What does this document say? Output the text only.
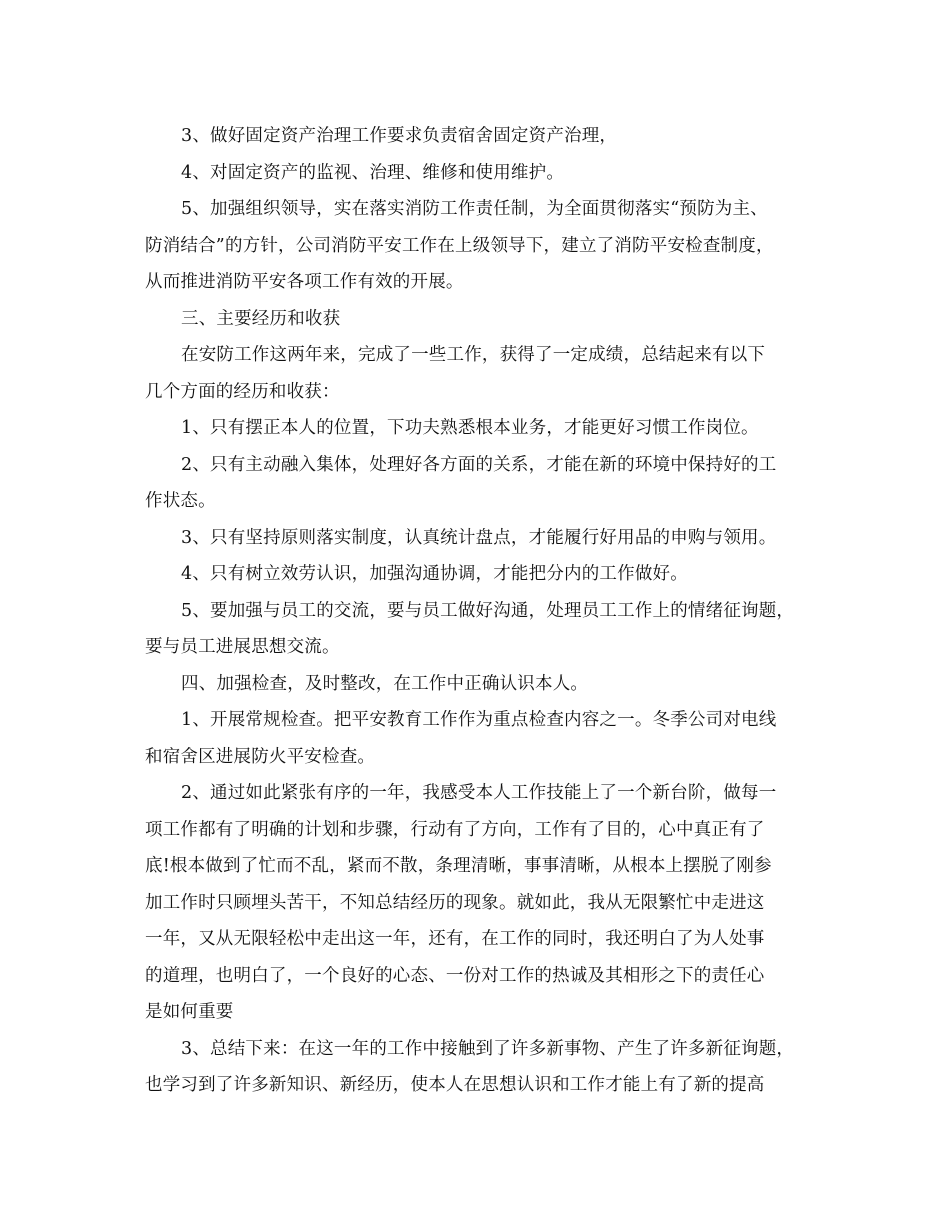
3、做好固定资产治理工作要求负责宿舍固定资产治理，
4、对固定资产的监视、治理、维修和使用维护。
5、加强组织领导，实在落实消防工作责任制，为全面贯彻落实“预防为主、
防消结合”的方针，公司消防平安工作在上级领导下，建立了消防平安检查制度，
从而推进消防平安各项工作有效的开展。
三、主要经历和收获
在安防工作这两年来，完成了一些工作，获得了一定成绩，总结起来有以下
几个方面的经历和收获：
1、只有摆正本人的位置，下功夫熟悉根本业务，才能更好习惯工作岗位。
2、只有主动融入集体，处理好各方面的关系，才能在新的环境中保持好的工
作状态。
3、只有坚持原则落实制度，认真统计盘点，才能履行好用品的申购与领用。
4、只有树立效劳认识，加强沟通协调，才能把分内的工作做好。
5、要加强与员工的交流，要与员工做好沟通，处理员工工作上的情绪征询题，
要与员工进展思想交流。
四、加强检查，及时整改，在工作中正确认识本人。
1、开展常规检查。把平安教育工作作为重点检查内容之一。冬季公司对电线
和宿舍区进展防火平安检查。
2、通过如此紧张有序的一年，我感受本人工作技能上了一个新台阶，做每一
项工作都有了明确的计划和步骤，行动有了方向，工作有了目的，心中真正有了
底!根本做到了忙而不乱，紧而不散，条理清晰，事事清晰，从根本上摆脱了刚参
加工作时只顾埋头苦干，不知总结经历的现象。就如此，我从无限繁忙中走进这
一年，又从无限轻松中走出这一年，还有，在工作的同时，我还明白了为人处事
的道理，也明白了，一个良好的心态、一份对工作的热诚及其相形之下的责任心
是如何重要
3、总结下来：在这一年的工作中接触到了许多新事物、产生了许多新征询题，
也学习到了许多新知识、新经历，使本人在思想认识和工作才能上有了新的提高
